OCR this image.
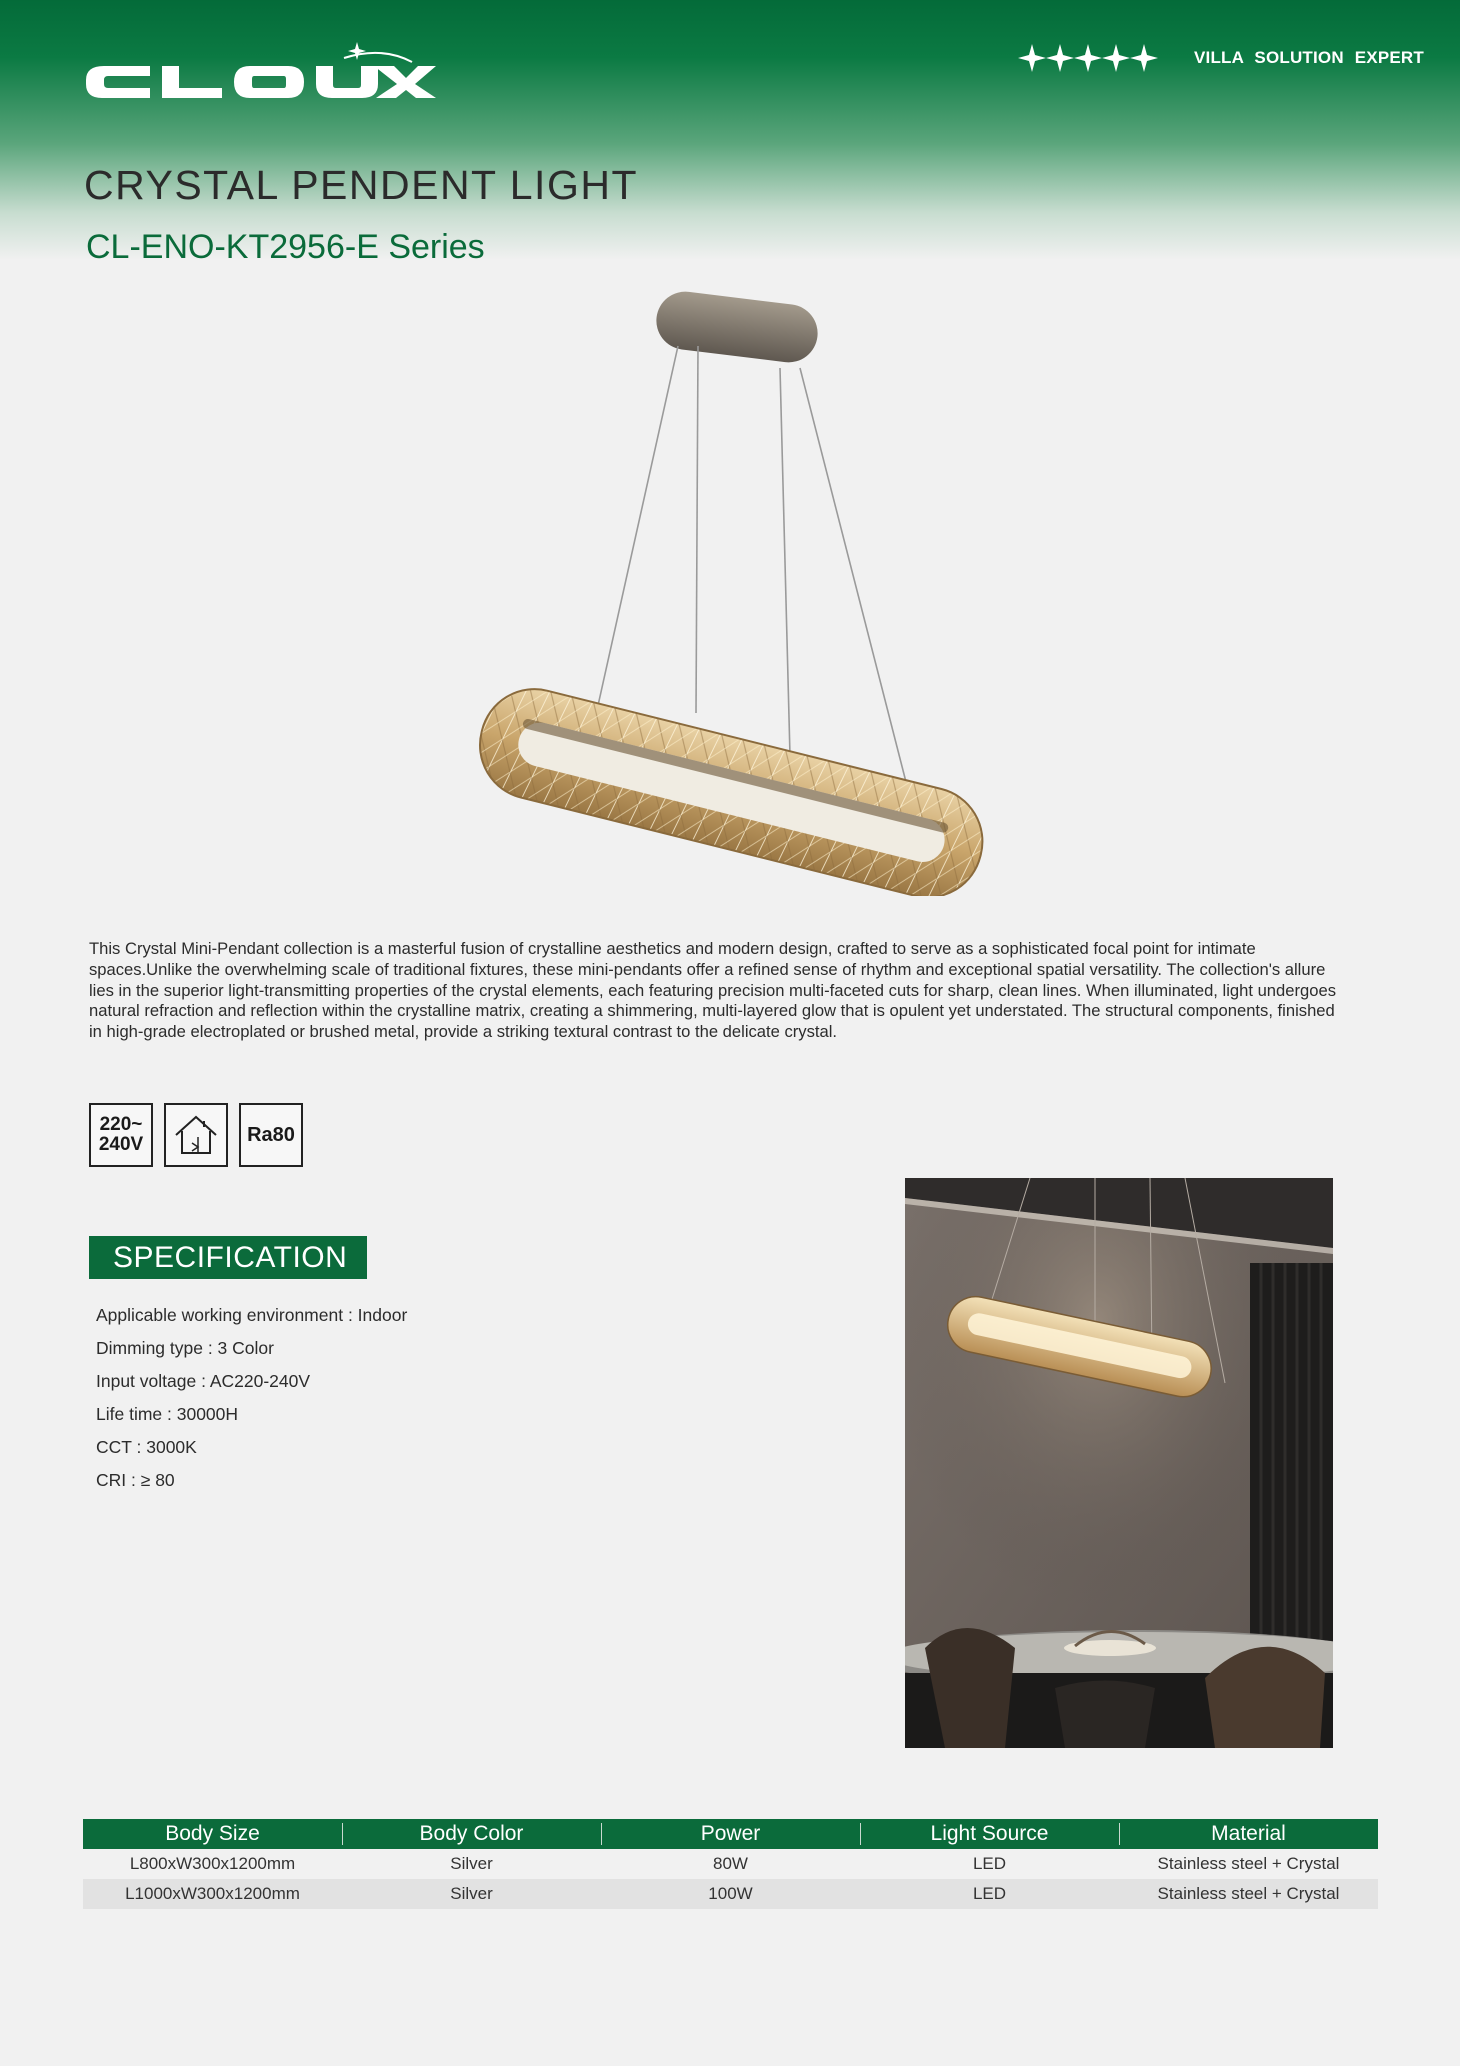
VILLA SOLUTION EXPERT
CRYSTAL PENDENT LIGHT
CL-ENO-KT2956-E Series

This Crystal Mini-Pendant collection is a masterful fusion of crystalline aesthetics and modern design, crafted to serve as a sophisticated focal point for intimate spaces.Unlike the overwhelming scale of traditional fixtures, these mini-pendants offer a refined sense of rhythm and exceptional spatial versatility. The collection's allure lies in the superior light-transmitting properties of the crystal elements, each featuring precision multi-faceted cuts for sharp, clean lines. When illuminated, light undergoes natural refraction and reflection within the crystalline matrix, creating a shimmering, multi-layered glow that is opulent yet understated. The structural components, finished in high-grade electroplated or brushed metal, provide a striking textural contrast to the delicate crystal.

220~
240V	Ra80
SPECIFICATION
Applicable working environment : Indoor
Dimming type : 3 Color
Input voltage : AC220-240V
Life time : 30000H
CCT : 3000K
CRI : ≥ 80
Body Size	Body Color	Power	Light Source	Material
L800xW300x1200mm	Silver	80W	LED	Stainless steel + Crystal
L1000xW300x1200mm	Silver	100W	LED	Stainless steel + Crystal
